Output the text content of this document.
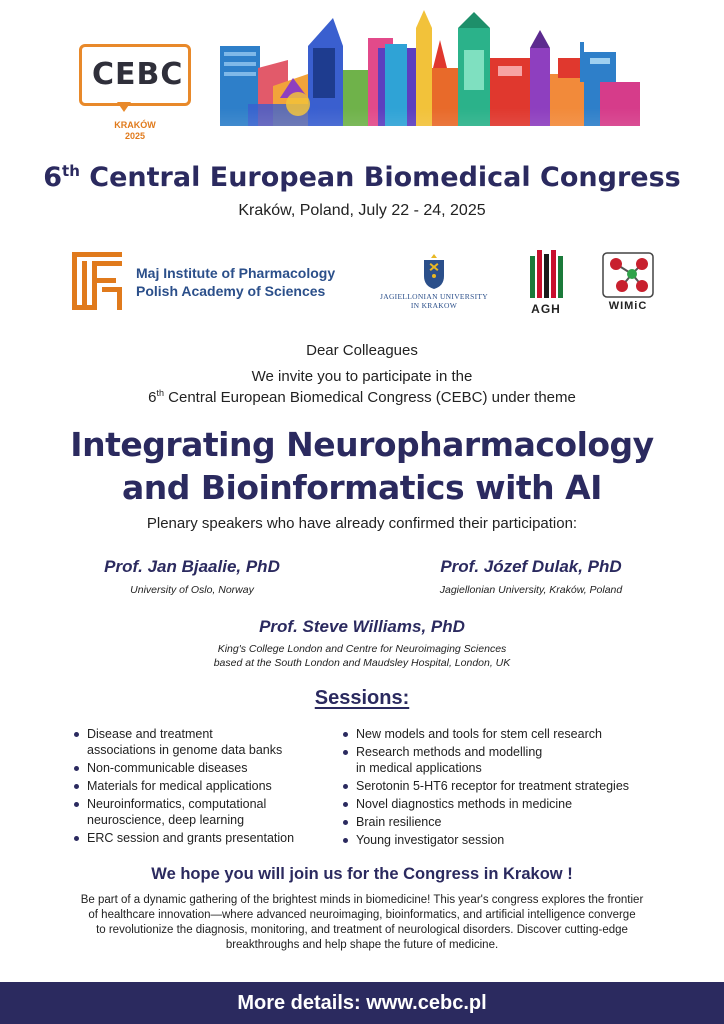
CEBC
KRAKÓW
2025
6th Central European Biomedical Congress
Kraków, Poland, July 22 - 24, 2025
Maj Institute of Pharmacology
Polish Academy of Sciences	JAGIELLONIAN UNIVERSITY
IN KRAKOW	AGH	WIMiC
Dear Colleagues
We invite you to participate in the
6th Central European Biomedical Congress (CEBC) under theme
Integrating Neuropharmacology
and Bioinformatics with AI
Plenary speakers who have already confirmed their participation:
Prof. Jan Bjaalie, PhD
University of Oslo, Norway
Prof. Józef Dulak, PhD
Jagiellonian University, Kraków, Poland
Prof. Steve Williams, PhD
King's College London and Centre for Neuroimaging Sciences
based at the South London and Maudsley Hospital, London, UK
Sessions:
Disease and treatment
associations in genome data banks
Non-communicable diseases
Materials for medical applications
Neuroinformatics, computational
neuroscience, deep learning
ERC session and grants presentation
New models and tools for stem cell research
Research methods and modelling
in medical applications
Serotonin 5-HT6 receptor for treatment strategies
Novel diagnostics methods in medicine
Brain resilience
Young investigator session
We hope you will join us for the Congress in Krakow !
Be part of a dynamic gathering of the brightest minds in biomedicine! This year's congress explores the frontier
of healthcare innovation—where advanced neuroimaging, bioinformatics, and artificial intelligence converge
to revolutionize the diagnosis, monitoring, and treatment of neurological disorders. Discover cutting-edge
breakthroughs and help shape the future of medicine.
More details: www.cebc.pl
